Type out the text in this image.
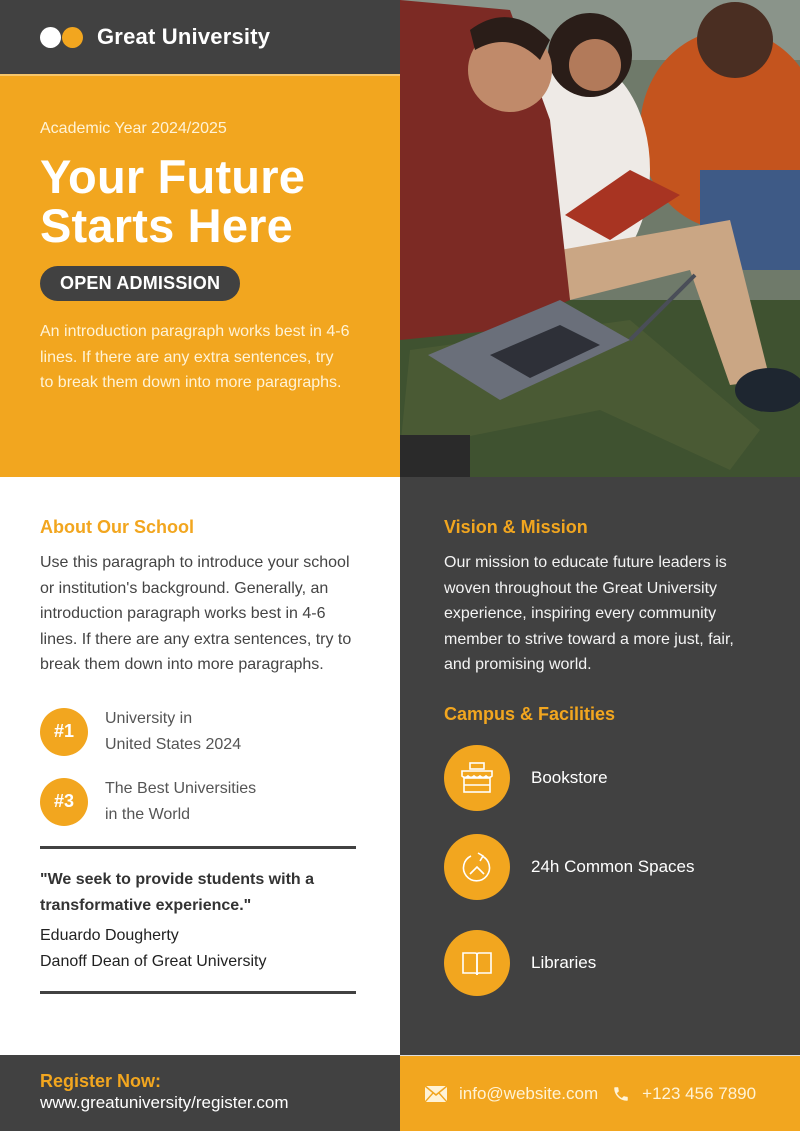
Great University
Academic Year 2024/2025
Your Future
Starts Here
OPEN ADMISSION

An introduction paragraph works best in 4-6 lines. If there are any extra sentences, try to break them down into more paragraphs.

About Our School

Use this paragraph to introduce your school or institution's background. Generally, an introduction paragraph works best in 4-6 lines. If there are any extra sentences, try to break them down into more paragraphs.

#1
University in
United States 2024
#3
The Best Universities
in the World

"We seek to provide students with a transformative experience."

Eduardo Dougherty
Danoff Dean of Great University
Vision & Mission

Our mission to educate future leaders is woven throughout the Great University experience, inspiring every community member to strive toward a more just, fair, and promising world.

Campus & Facilities
Bookstore
24h Common Spaces
Libraries
Register Now:
www.greatuniversity/register.com	info@website.com	+123 456 7890
